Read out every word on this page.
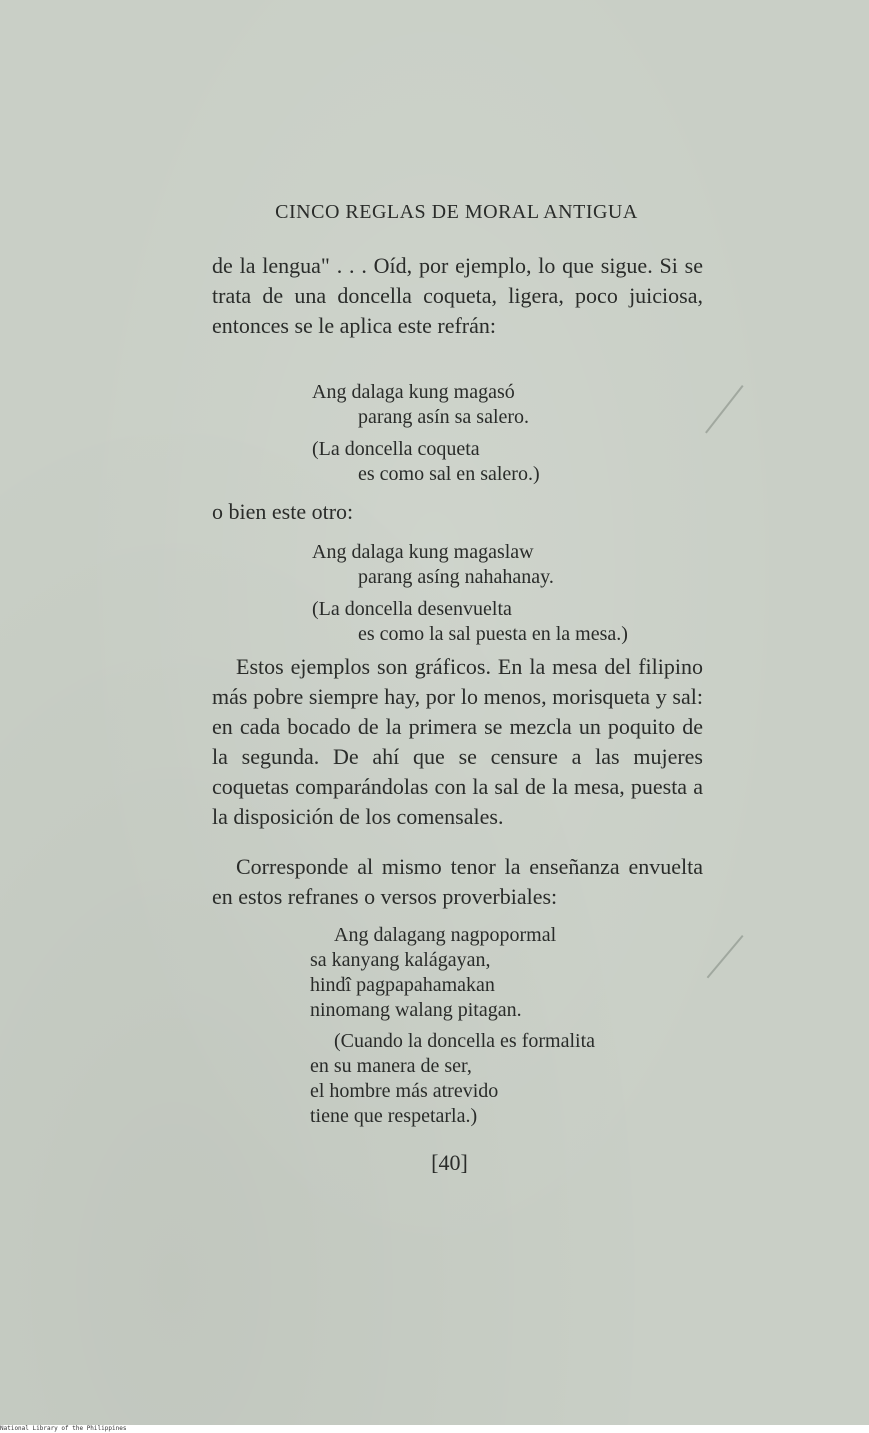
CINCO REGLAS DE MORAL ANTIGUA

de la lengua" . . . Oíd, por ejemplo, lo que sigue. Si se trata de una doncella coqueta, ligera, poco juiciosa, entonces se le aplica este refrán:

Ang dalaga kung magasó
parang asín sa salero.
(La doncella coqueta
es como sal en salero.)

o bien este otro:

Ang dalaga kung magaslaw
parang asíng nahahanay.
(La doncella desenvuelta
es como la sal puesta en la mesa.)

Estos ejemplos son gráficos. En la mesa del filipino más pobre siempre hay, por lo menos, morisqueta y sal: en cada bocado de la primera se mezcla un poquito de la segunda. De ahí que se censure a las mujeres coquetas comparándolas con la sal de la mesa, puesta a la disposición de los comensales.

Corresponde al mismo tenor la enseñanza envuelta en estos refranes o versos proverbiales:

Ang dalagang nagpopormal
sa kanyang kalágayan,
hindî pagpapahamakan
ninomang walang pitagan.
(Cuando la doncella es formalita
en su manera de ser,
el hombre más atrevido
tiene que respetarla.)
[40]
National Library of the Philippines
